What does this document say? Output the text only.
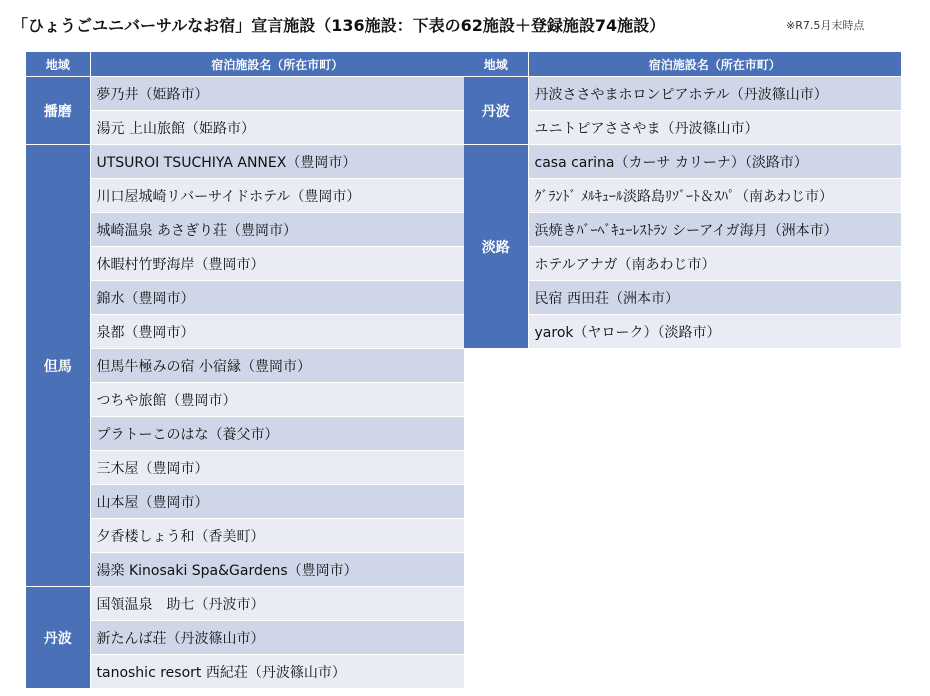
「ひょうごユニバーサルなお宿」宣言施設（136施設：下表の62施設＋登録施設74施設）	※R7.5月末時点
地域	宿泊施設名（所在市町）
播磨	夢乃井（姫路市）
	湯元 上山旅館（姫路市）
但馬	UTSUROI TSUCHIYA ANNEX（豊岡市）
	川口屋城崎リバーサイドホテル（豊岡市）
	城崎温泉 あさぎり荘（豊岡市）
	休暇村竹野海岸（豊岡市）
	錦水（豊岡市）
	泉都（豊岡市）
	但馬牛極みの宿 小宿縁（豊岡市）
	つちや旅館（豊岡市）
	プラトーこのはな（養父市）
	三木屋（豊岡市）
	山本屋（豊岡市）
	夕香楼しょう和（香美町）
	湯楽 Kinosaki Spa&Gardens（豊岡市）
丹波	国領温泉　助七（丹波市）
	新たんば荘（丹波篠山市）
	tanoshic resort 西紀荘（丹波篠山市）
地域	宿泊施設名（所在市町）
丹波	丹波ささやまホロンピアホテル（丹波篠山市）
	ユニトピアささやま（丹波篠山市）
淡路	casa carina（カーサ カリーナ）（淡路市）
	ｸﾞﾗﾝﾄﾞ ﾒﾙｷｭｰﾙ淡路島ﾘｿﾞｰﾄ＆ｽﾊﾟ（南あわじ市）
	浜焼きﾊﾞｰﾍﾞｷｭｰﾚｽﾄﾗﾝ シーアイガ海月（洲本市）
	ホテルアナガ（南あわじ市）
	民宿 西田荘（洲本市）
	yarok（ヤローク）（淡路市）
